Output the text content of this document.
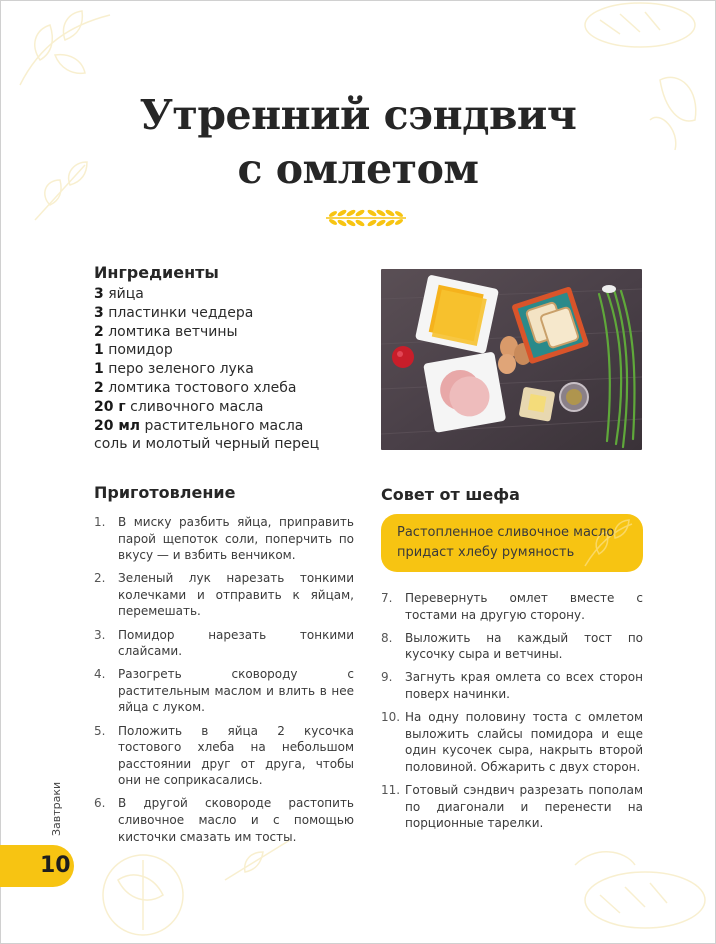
Утренний сэндвич
с омлетом
Ингредиенты
3 яйца
3 пластинки чеддера
2 ломтика ветчины
1 помидор
1 перо зеленого лука
2 ломтика тостового хлеба
20 г сливочного масла
20 мл растительного масла
соль и молотый черный перец
Приготовление
1.	В миску разбить яйца, приправить парой щепоток соли, поперчить по вкусу — и взбить венчиком.
2.	Зеленый лук нарезать тонкими колечками и отправить к яйцам, перемешать.
3.	Помидор нарезать тонкими слайсами.
4.	Разогреть сковороду с растительным маслом и влить в нее яйца с луком.
5.	Положить в яйца 2 кусочка тостового хлеба на небольшом расстоянии друг от друга, чтобы они не соприкасались.
6.	В другой сковороде растопить сливочное масло и с помощью кисточки смазать им тосты.
Совет от шефа
Растопленное сливочное масло придаст хлебу румяность
7.	Перевернуть омлет вместе с тостами на другую сторону.
8.	Выложить на каждый тост по кусочку сыра и ветчины.
9.	Загнуть края омлета со всех сторон поверх начинки.
10. На одну половину тоста с омлетом выложить слайсы помидора и еще один кусочек сыра, накрыть второй половиной. Обжарить с двух сторон.
11. Готовый сэндвич разрезать пополам по диагонали и перенести на порционные тарелки.
Завтраки
10
